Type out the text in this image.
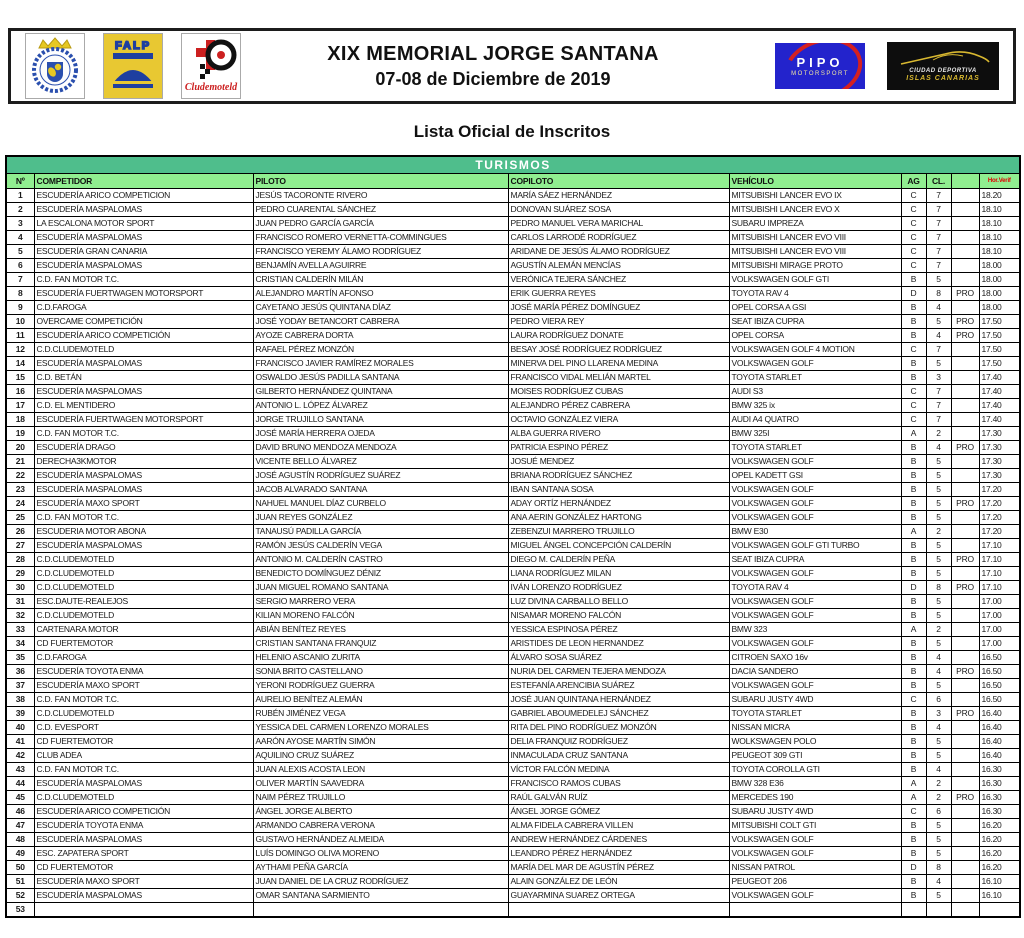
FALP
Cludemoteld
XIX MEMORIAL JORGE SANTANA
07-08 de Diciembre de 2019
PIPO
MOTORSPORT	CIUDAD DEPORTIVA
ISLAS CANARIAS
Lista Oficial de Inscritos
TURISMOS								
Nº	COMPETIDOR	PILOTO	COPILOTO	VEHÍCULO	AG	CL.		Hor.Verif
1	ESCUDERÍA ARICO COMPETICION	JESÚS TACORONTE RIVERO	MARÍA SÁEZ HERNÁNDEZ	MITSUBISHI LANCER EVO IX	C	7		18.20
2	ESCUDERÍA MASPALOMAS	PEDRO CUARENTAL SÁNCHEZ	DONOVAN SUÁREZ SOSA	MITSUBISHI LANCER EVO X	C	7		18.10
3	LA ESCALONA MOTOR SPORT	JUAN PEDRO GARCÍA GARCÍA	PEDRO MANUEL VERA MARICHAL	SUBARU IMPREZA	C	7		18.10
4	ESCUDERÍA MASPALOMAS	FRANCISCO ROMERO VERNETTA-COMMINGUES	CARLOS LARRODÉ RODRÍGUEZ	MITSUBISHI LANCER EVO VIII	C	7		18.10
5	ESCUDERÍA GRAN CANARIA	FRANCISCO YEREMY ÁLAMO RODRÍGUEZ	ARIDANE DE JESÚS ÁLAMO RODRÍGUEZ	MITSUBISHI LANCER EVO VIII	C	7		18.10
6	ESCUDERÍA MASPALOMAS	BENJAMÍN AVELLA AGUIRRE	AGUSTÍN ALEMÁN MENCÍAS	MITSUBISHI MIRAGE PROTO	C	7		18.00
7	C.D. FAN MOTOR T.C.	CRISTIAN CALDERÍN MILÁN	VERÓNICA TEJERA SÁNCHEZ	VOLKSWAGEN GOLF GTI	B	5		18.00
8	ESCUDERÍA FUERTWAGEN MOTORSPORT	ALEJANDRO MARTÍN AFONSO	ERIK GUERRA REYES	TOYOTA RAV 4	D	8	PRO	18.00
9	C.D.FAROGA	CAYETANO JESÚS QUINTANA DÍAZ	JOSÉ MARÍA PÉREZ DOMÍNGUEZ	OPEL CORSA A GSI	B	4		18.00
10	OVERCAME COMPETICIÓN	JOSÉ YODAY BETANCORT CABRERA	PEDRO VIERA REY	SEAT IBIZA CUPRA	B	5	PRO	17.50
11	ESCUDERÍA ARICO COMPETICIÓN	AYOZE CABRERA DORTA	LAURA RODRÍGUEZ DONATE	OPEL CORSA	B	4	PRO	17.50
12	C.D.CLUDEMOTELD	RAFAEL PÉREZ MONZÓN	BESAY JOSÉ RODRÍGUEZ RODRÍGUEZ	VOLKSWAGEN GOLF 4 MOTION	C	7		17.50
14	ESCUDERÍA MASPALOMAS	FRANCISCO JAVIER RAMÍREZ MORALES	MINERVA DEL PINO LLARENA MEDINA	VOLKSWAGEN GOLF	B	5		17.50
15	C.D. BETÁN	OSWALDO JESÚS PADILLA SANTANA	FRANCISCO VIDAL MELIÁN MARTEL	TOYOTA STARLET	B	3		17.40
16	ESCUDERÍA MASPALOMAS	GILBERTO HERNÁNDEZ QUINTANA	MOISES RODRÍGUEZ CUBAS	AUDI S3	C	7		17.40
17	C.D. EL MENTIDERO	ANTONIO L. LÓPEZ ÁLVAREZ	ALEJANDRO PÉREZ CABRERA	BMW 325 ix	C	7		17.40
18	ESCUDERÍA FUERTWAGEN MOTORSPORT	JORGE TRUJILLO SANTANA	OCTAVIO GONZÁLEZ VIERA	AUDI A4 QUATRO	C	7		17.40
19	C.D. FAN MOTOR T.C.	JOSÉ MARÍA HERRERA OJEDA	ALBA GUERRA RIVERO	BMW 325I	A	2		17.30
20	ESCUDERÍA DRAGO	DAVID BRUNO MENDOZA MENDOZA	PATRICIA ESPINO PÉREZ	TOYOTA STARLET	B	4	PRO	17.30
21	DERECHA3KMOTOR	VICENTE BELLO ÁLVAREZ	JOSUÉ MENDEZ	VOLKSWAGEN GOLF	B	5		17.30
22	ESCUDERÍA MASPALOMAS	JOSÉ AGUSTÍN RODRÍGUEZ SUÁREZ	BRIANA RODRÍGUEZ SÁNCHEZ	OPEL KADETT GSI	B	5		17.30
23	ESCUDERÍA MASPALOMAS	JACOB ALVARADO SANTANA	IBAN SANTANA SOSA	VOLKSWAGEN GOLF	B	5		17.20
24	ESCUDERÍA MAXO SPORT	NAHUEL MANUEL DÍAZ CURBELO	ADAY ORTÍZ HERNÁNDEZ	VOLKSWAGEN GOLF	B	5	PRO	17.20
25	C.D. FAN MOTOR T.C.	JUAN REYES GONZÁLEZ	ANA AERIN GONZÁLEZ HARTONG	VOLKSWAGEN GOLF	B	5		17.20
26	ESCUDERIA MOTOR ABONA	TANAUSÚ PADILLA GARCÍA	ZEBENZUI MARRERO TRUJILLO	BMW E30	A	2		17.20
27	ESCUDERÍA MASPALOMAS	RAMÓN JESÚS CALDERÍN VEGA	MIGUEL ÁNGEL CONCEPCIÓN CALDERÍN	VOLKSWAGEN GOLF GTI TURBO	B	5		17.10
28	C.D.CLUDEMOTELD	ANTONIO M. CALDERÍN CASTRO	DIEGO M. CALDERÍN PEÑA	SEAT IBIZA CUPRA	B	5	PRO	17.10
29	C.D.CLUDEMOTELD	BENEDICTO DOMÍNGUEZ DÉNIZ	LIANA RODRÍGUEZ MILAN	VOLKSWAGEN GOLF	B	5		17.10
30	C.D.CLUDEMOTELD	JUAN MIGUEL ROMANO SANTANA	IVÁN LORENZO RODRÍGUEZ	TOYOTA RAV 4	D	8	PRO	17.10
31	ESC.DAUTE-REALEJOS	SERGIO MARRERO VERA	LUZ DIVINA CARBALLO BELLO	VOLKSWAGEN GOLF	B	5		17.00
32	C.D.CLUDEMOTELD	KILIAN MORENO FALCÓN	NISAMAR MORENO FALCÓN	VOLKSWAGEN GOLF	B	5		17.00
33	CARTENARA MOTOR	ABIÁN BENÍTEZ REYES	YESSICA ESPINOSA PÉREZ	BMW 323	A	2		17.00
34	CD FUERTEMOTOR	CRISTIAN SANTANA FRANQUIZ	ARISTIDES DE LEON HERNANDEZ	VOLKSWAGEN GOLF	B	5		17.00
35	C.D.FAROGA	HELENIO ASCANIO ZURITA	ÁLVARO SOSA SUÁREZ	CITROEN SAXO 16v	B	4		16.50
36	ESCUDERÍA TOYOTA ENMA	SONIA BRITO CASTELLANO	NURIA DEL CARMEN TEJERA MENDOZA	DACIA SANDERO	B	4	PRO	16.50
37	ESCUDERÍA MAXO SPORT	YERONI RODRÍGUEZ GUERRA	ESTEFANÍA ARENCIBIA SUÁREZ	VOLKSWAGEN GOLF	B	5		16.50
38	C.D. FAN MOTOR T.C.	AURELIO BENÍTEZ ALEMÁN	JOSÉ JUAN QUINTANA HERNÁNDEZ	SUBARU JUSTY 4WD	C	6		16.50
39	C.D.CLUDEMOTELD	RUBÉN JIMÉNEZ VEGA	GABRIEL ABOUMEDELEJ SÁNCHEZ	TOYOTA STARLET	B	3	PRO	16.40
40	C.D. EVESPORT	YESSICA DEL CARMEN LORENZO MORALES	RITA DEL PINO RODRÍGUEZ MONZÓN	NISSAN MICRA	B	4		16.40
41	CD FUERTEMOTOR	AARÓN AYOSE MARTÍN SIMÓN	DELIA FRANQUIZ RODRÍGUEZ	WOLKSWAGEN POLO	B	5		16.40
42	CLUB ADEA	AQUILINO CRUZ SUÁREZ	INMACULADA CRUZ SANTANA	PEUGEOT 309 GTI	B	5		16.40
43	C.D. FAN MOTOR T.C.	JUAN ALEXIS ACOSTA LEON	VÍCTOR FALCÓN MEDINA	TOYOTA COROLLA GTI	B	4		16.30
44	ESCUDERÍA MASPALOMAS	OLIVER MARTÍN SAAVEDRA	FRANCISCO RAMOS CUBAS	BMW 328 E36	A	2		16.30
45	C.D.CLUDEMOTELD	NAIM PÉREZ TRUJILLO	RAÚL GALVÁN RUÍZ	MERCEDES 190	A	2	PRO	16.30
46	ESCUDERÍA ARICO COMPETICIÓN	ÁNGEL JORGE ALBERTO	ÁNGEL JORGE GÓMEZ	SUBARU JUSTY 4WD	C	6		16.30
47	ESCUDERÍA TOYOTA ENMA	ARMANDO CABRERA VERONA	ALMA FIDELA CABRERA VILLEN	MITSUBISHI COLT GTI	B	5		16.20
48	ESCUDERÍA MASPALOMAS	GUSTAVO HERNÁNDEZ ALMEIDA	ANDREW HERNÁNDEZ CÁRDENES	VOLKSWAGEN GOLF	B	5		16.20
49	ESC. ZAPATERA SPORT	LUÍS DOMINGO OLIVA MORENO	LEANDRO PÉREZ HERNÁNDEZ	VOLKSWAGEN GOLF	B	5		16.20
50	CD FUERTEMOTOR	AYTHAMI PEÑA GARCÍA	MARÍA DEL MAR DE AGUSTÍN PÉREZ	NISSAN PATROL	D	8		16.20
51	ESCUDERÍA MAXO SPORT	JUAN DANIEL DE LA CRUZ RODRÍGUEZ	ALAIN GONZÁLEZ DE LEÓN	PEUGEOT 206	B	4		16.10
52	ESCUDERÍA MASPALOMAS	OMAR SANTANA SARMIENTO	GUAYARMINA SUAREZ ORTEGA	VOLKSWAGEN GOLF	B	5		16.10
53								
